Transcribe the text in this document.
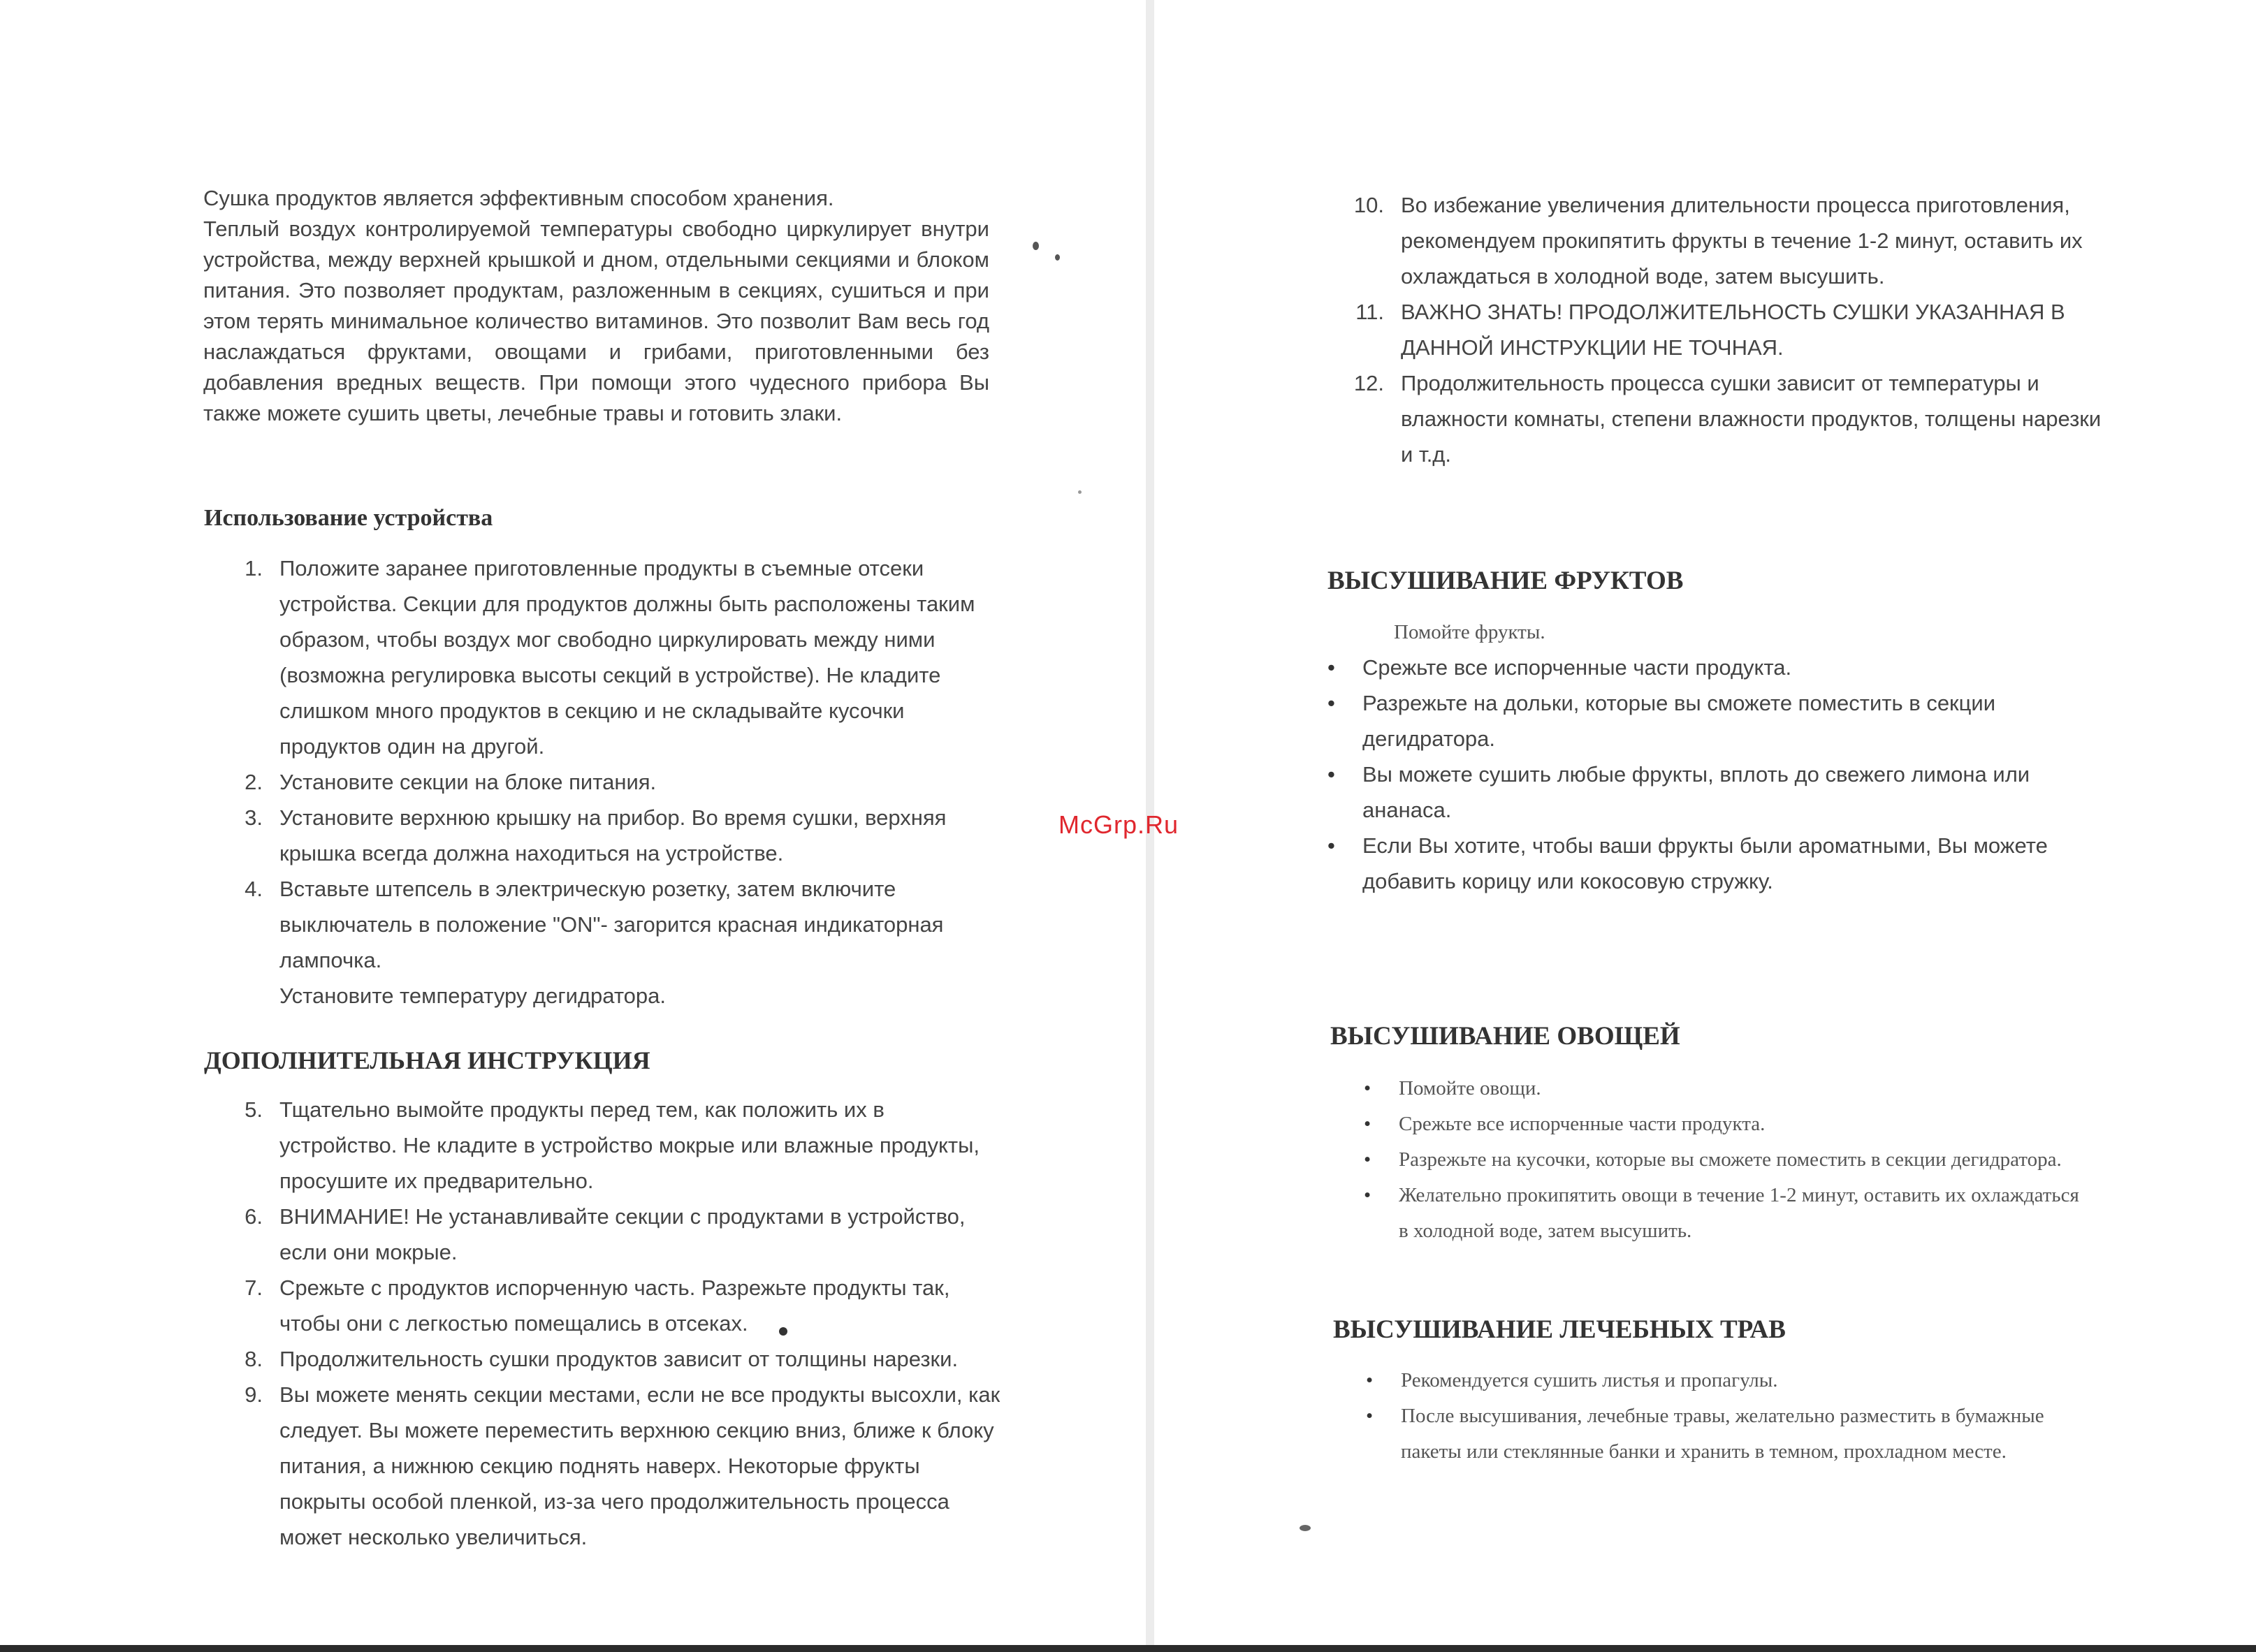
Сушка продуктов является эффективным способом хранения.

Теплый воздух контролируемой температуры свободно циркулирует внутри устройства, между верхней крышкой и дном, отдельными секциями и блоком питания. Это позволяет продуктам, разложенным в секциях, сушиться и при этом терять минимальное количество витаминов. Это позволит Вам весь год наслаждаться фруктами, овощами и грибами, приготовленными без добавления вредных веществ. При помощи этого чудесного прибора Вы также можете сушить цветы, лечебные травы и готовить злаки.

Использование устройства
1. Положите заранее приготовленные продукты в съемные отсеки устройства. Секции для продуктов должны быть расположены таким образом, чтобы воздух мог свободно циркулировать между ними (возможна регулировка высоты секций в устройстве). Не кладите слишком много продуктов в секцию и не складывайте кусочки продуктов один на другой.
2. Установите секции на блоке питания.
3. Установите верхнюю крышку на прибор. Во время сушки, верхняя крышка всегда должна находиться на устройстве.
4. Вставьте штепсель в электрическую розетку, затем включите выключатель в положение "ON"- загорится красная индикаторная лампочка.
Установите температуру дегидратора.
ДОПОЛНИТЕЛЬНАЯ ИНСТРУКЦИЯ
5. Тщательно вымойте продукты перед тем, как положить их в устройство. Не кладите в устройство мокрые или влажные продукты, просушите их предварительно.
6. ВНИМАНИЕ! Не устанавливайте секции с продуктами в устройство, если они мокрые.
7. Срежьте с продуктов испорченную часть. Разрежьте продукты так, чтобы они с легкостью помещались в отсеках.
8. Продолжительность сушки продуктов зависит от толщины нарезки.
9. Вы можете менять секции местами, если не все продукты высохли, как следует. Вы можете переместить верхнюю секцию вниз, ближе к блоку питания, а нижнюю секцию поднять наверх. Некоторые фрукты покрыты особой пленкой, из-за чего продолжительность процесса может несколько увеличиться.
10. Во избежание увеличения длительности процесса приготовления, рекомендуем прокипятить фрукты в течение 1-2 минут, оставить их охлаждаться в холодной воде, затем высушить.
11. ВАЖНО ЗНАТЬ! ПРОДОЛЖИТЕЛЬНОСТЬ СУШКИ УКАЗАННАЯ В ДАННОЙ ИНСТРУКЦИИ НЕ ТОЧНАЯ.
12. Продолжительность процесса сушки зависит от температуры и влажности комнаты, степени влажности продуктов, толщены нарезки и т.д.
ВЫСУШИВАНИЕ ФРУКТОВ
Помойте фрукты.
• Срежьте все испорченные части продукта.
• Разрежьте на дольки, которые вы сможете поместить в секции дегидратора.
• Вы можете сушить любые фрукты, вплоть до свежего лимона или ананаса.
• Если Вы хотите, чтобы ваши фрукты были ароматными, Вы можете добавить корицу или кокосовую стружку.
ВЫСУШИВАНИЕ ОВОЩЕЙ
• Помойте овощи.
• Срежьте все испорченные части продукта.
• Разрежьте на кусочки, которые вы сможете поместить в секции дегидратора.
• Желательно прокипятить овощи в течение 1-2 минут, оставить их охлаждаться в холодной воде, затем высушить.
ВЫСУШИВАНИЕ ЛЕЧЕБНЫХ ТРАВ
• Рекомендуется сушить листья и пропагулы.
• После высушивания, лечебные травы, желательно разместить в бумажные пакеты или стеклянные банки и хранить в темном, прохладном месте.
McGrp.Ru
